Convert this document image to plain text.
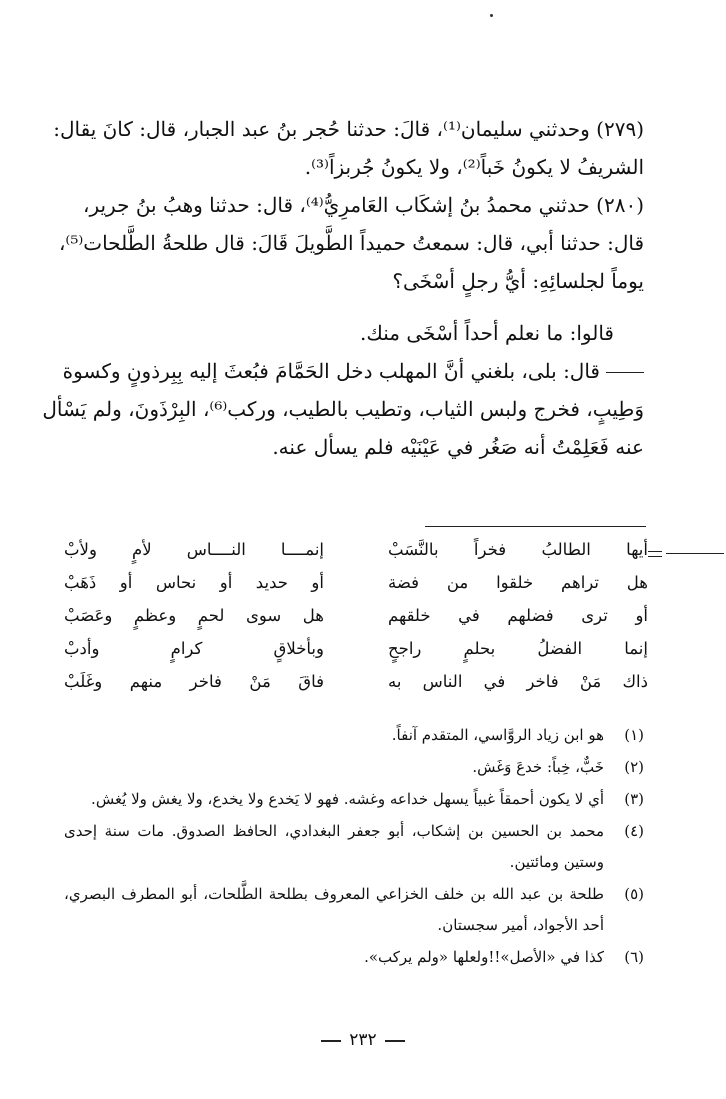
(٢٧٩) وحدثني سليمان⁽¹⁾، قالَ: حدثنا حُجر بنُ عبد الجبار، قال: كانَ يقال: الشريفُ لا يكونُ خَباً⁽²⁾، ولا يكونُ جُربزاً⁽³⁾.

(٢٨٠) حدثني محمدُ بنُ إشكَاب العَامرِيُّ⁽⁴⁾، قال: حدثنا وهبُ بنُ جرير، قال: حدثنا أبي، قال: سمعتُ حميداً الطَّويلَ قَالَ: قال طلحةُ الطَّلحات⁽⁵⁾، يوماً لجلسائِهِ: أيُّ رجلٍ أسْخَى؟

قالوا: ما نعلم أحداً أسْخَى منك.

قال: بلى، بلغني أنَّ المهلب دخل الحَمَّامَ فبُعثَ إليه بِبِرذونٍ وكسوة وَطِيبٍ، فخرج ولبس الثياب، وتطيب بالطيب، وركب⁽⁶⁾، البِرْذَونَ، ولم يَسْأل عنه فَعَلِمْتُ أنه صَغُر في عَيْنَيْه فلم يسأل عنه.

أيها الطالبُ فخراً بالنَّسَبْ
إنمــــا النــــاس لأمٍ ولأبْ
هل تراهم خلقوا من فضة
أو حديد أو نحاس أو ذَهَبْ
أو ترى فضلهم في خلقهم
هل سوى لحمٍ وعظمٍ وعَصَبْ
إنما الفضلُ بحلمٍ راجحٍ
وبأخلاقٍ كرامٍ وأدبْ
ذاك مَنْ فاخر في الناس به
فاقَ مَنْ فاخر منهم وغَلَبْ
(١)
هو ابن زياد الروَّاسي، المتقدم آنفاً.
(٢)
خَبٌّ، خِباً: خدعَ وَغَش.
(٣)
أي لا يكون أحمقاً غبياً يسهل خداعه وغشه. فهو لا يَخدع ولا يخدع، ولا يغش ولا يُغش.
(٤)
محمد بن الحسين بن إشكاب، أبو جعفر البغدادي، الحافظ الصدوق. مات سنة إحدى وستين ومائتين.
(٥)
طلحة بن عبد الله بن خلف الخزاعي المعروف بطلحة الطَّلحات، أبو المطرف البصري، أحد الأجواد، أمير سجستان.
(٦)
كذا في «الأصل»!!ولعلها «ولم يركب».
٢٣٢
